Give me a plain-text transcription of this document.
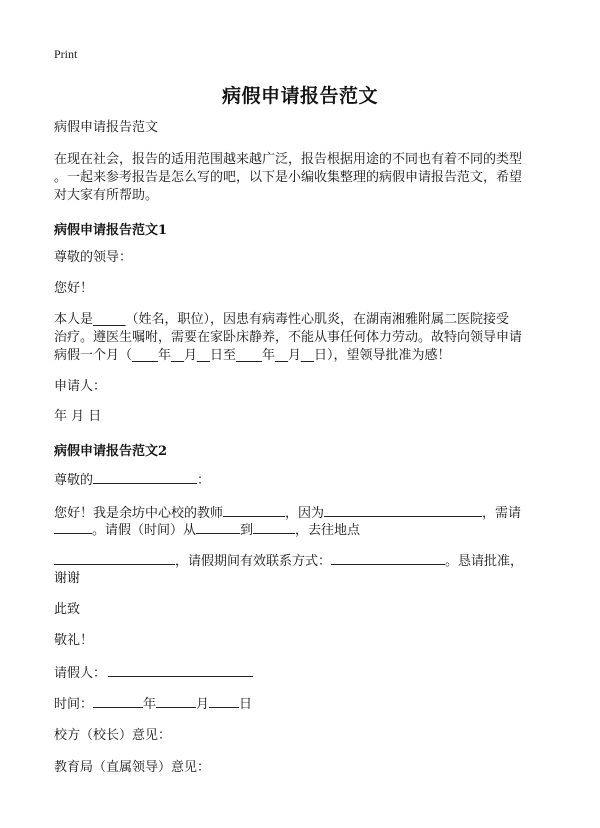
Print
病假申请报告范文
病假申请报告范文
在现在社会，报告的适用范围越来越广泛，报告根据用途的不同也有着不同的类型
。一起来参考报告是怎么写的吧，以下是小编收集整理的病假申请报告范文，希望
对大家有所帮助。
病假申请报告范文1
尊敬的领导：
您好！
本人是_____（姓名，职位），因患有病毒性心肌炎，在湖南湘雅附属二医院接受
治疗。遵医生嘱咐，需要在家卧床静养，不能从事任何体力劳动。故特向领导申请
病假一个月（____年__月__日至____年__月__日），望领导批准为感！
申请人：
年 月 日
病假申请报告范文2
尊敬的	：
您好！我是余坊中心校的教师	，因为	，需请
。请假（时间）从	到	，去往地点
，请假期间有效联系方式：	。恳请批准，
谢谢
此致
敬礼！
请假人：
时间：	年	月 日
校方（校长）意见：
教育局（直属领导）意见：
